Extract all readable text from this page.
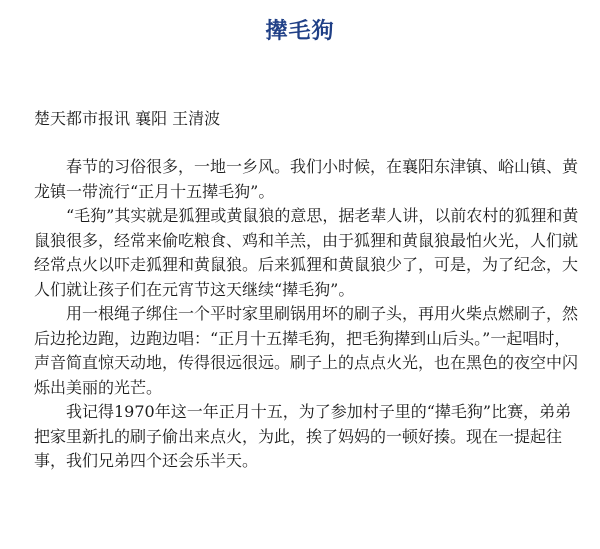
撵毛狗
楚天都市报讯 襄阳 王清波

春节的习俗很多，一地一乡风。我们小时候，在襄阳东津镇、峪山镇、黄龙镇一带流行“正月十五撵毛狗”。

“毛狗”其实就是狐狸或黄鼠狼的意思，据老辈人讲，以前农村的狐狸和黄鼠狼很多，经常来偷吃粮食、鸡和羊羔，由于狐狸和黄鼠狼最怕火光，人们就经常点火以吓走狐狸和黄鼠狼。后来狐狸和黄鼠狼少了，可是，为了纪念，大人们就让孩子们在元宵节这天继续“撵毛狗”。

用一根绳子绑住一个平时家里刷锅用坏的刷子头，再用火柴点燃刷子，然后边抡边跑，边跑边唱：“正月十五撵毛狗，把毛狗撵到山后头。”一起唱时，声音简直惊天动地，传得很远很远。刷子上的点点火光，也在黑色的夜空中闪烁出美丽的光芒。

我记得1970年这一年正月十五，为了参加村子里的“撵毛狗”比赛，弟弟把家里新扎的刷子偷出来点火，为此，挨了妈妈的一顿好揍。现在一提起往事，我们兄弟四个还会乐半天。
